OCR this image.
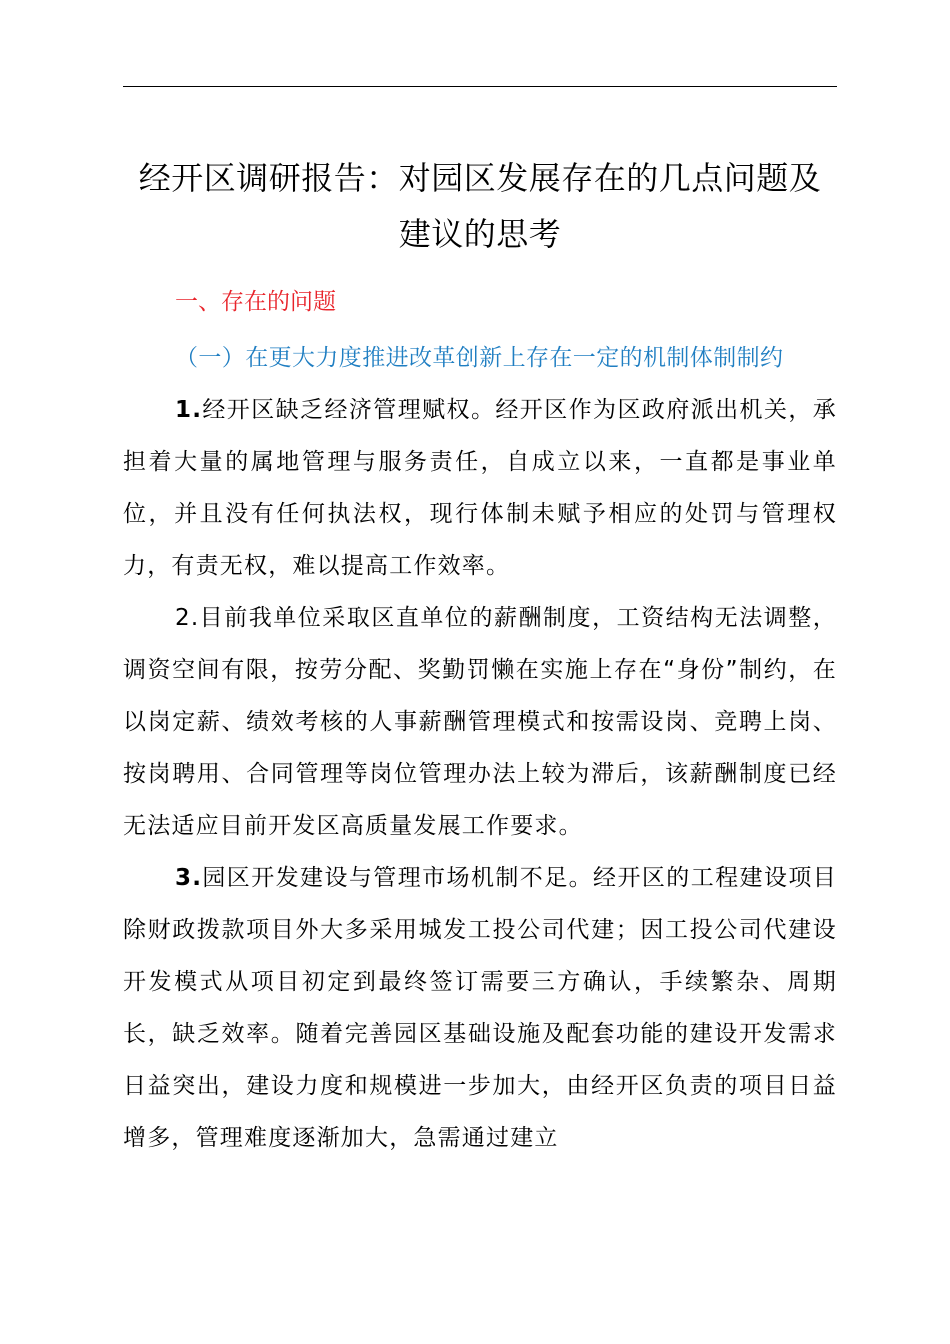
经开区调研报告：对园区发展存在的几点问题及建议的思考
一、存在的问题
（一）在更大力度推进改革创新上存在一定的机制体制制约

1.经开区缺乏经济管理赋权。经开区作为区政府派出机关，承担着大量的属地管理与服务责任，自成立以来，一直都是事业单位，并且没有任何执法权，现行体制未赋予相应的处罚与管理权力，有责无权，难以提高工作效率。

2.目前我单位采取区直单位的薪酬制度，工资结构无法调整，调资空间有限，按劳分配、奖勤罚懒在实施上存在“身份”制约，在以岗定薪、绩效考核的人事薪酬管理模式和按需设岗、竞聘上岗、按岗聘用、合同管理等岗位管理办法上较为滞后，该薪酬制度已经无法适应目前开发区高质量发展工作要求。

3.园区开发建设与管理市场机制不足。经开区的工程建设项目除财政拨款项目外大多采用城发工投公司代建；因工投公司代建设开发模式从项目初定到最终签订需要三方确认，手续繁杂、周期长，缺乏效率。随着完善园区基础设施及配套功能的建设开发需求日益突出，建设力度和规模进一步加大，由经开区负责的项目日益增多，管理难度逐渐加大，急需通过建立
